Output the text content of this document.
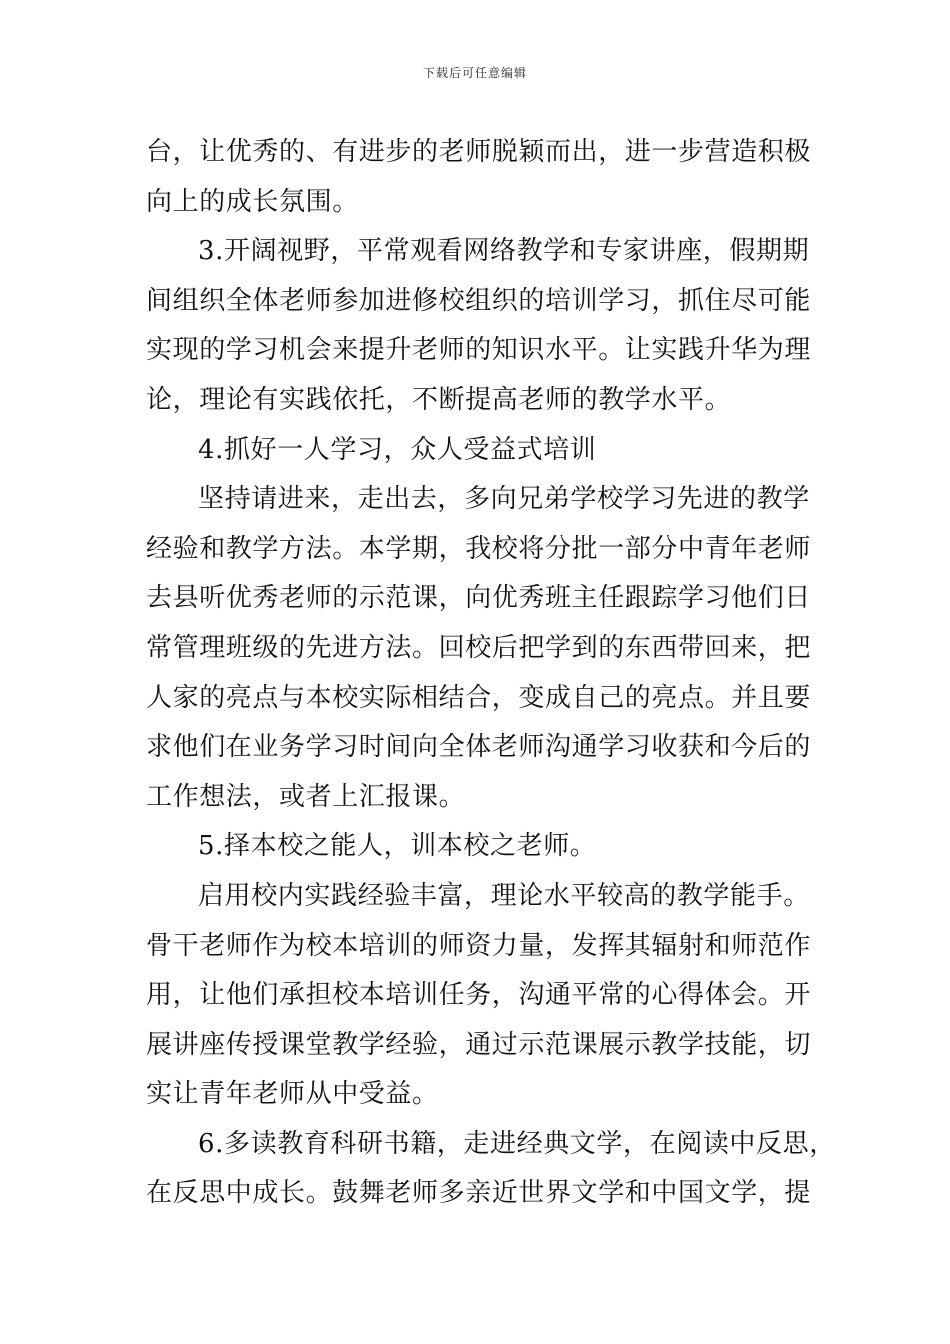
下载后可任意编辑
台，让优秀的、有进步的老师脱颖而出，进一步营造积极
向上的成长氛围。
3.开阔视野，平常观看网络教学和专家讲座，假期期
间组织全体老师参加进修校组织的培训学习，抓住尽可能
实现的学习机会来提升老师的知识水平。让实践升华为理
论，理论有实践依托，不断提高老师的教学水平。
4.抓好一人学习，众人受益式培训
坚持请进来，走出去，多向兄弟学校学习先进的教学
经验和教学方法。本学期，我校将分批一部分中青年老师
去县听优秀老师的示范课，向优秀班主任跟踪学习他们日
常管理班级的先进方法。回校后把学到的东西带回来，把
人家的亮点与本校实际相结合，变成自己的亮点。并且要
求他们在业务学习时间向全体老师沟通学习收获和今后的
工作想法，或者上汇报课。
5.择本校之能人，训本校之老师。
启用校内实践经验丰富，理论水平较高的教学能手。
骨干老师作为校本培训的师资力量，发挥其辐射和师范作
用，让他们承担校本培训任务，沟通平常的心得体会。开
展讲座传授课堂教学经验，通过示范课展示教学技能，切
实让青年老师从中受益。
6.多读教育科研书籍，走进经典文学，在阅读中反思，
在反思中成长。鼓舞老师多亲近世界文学和中国文学，提
